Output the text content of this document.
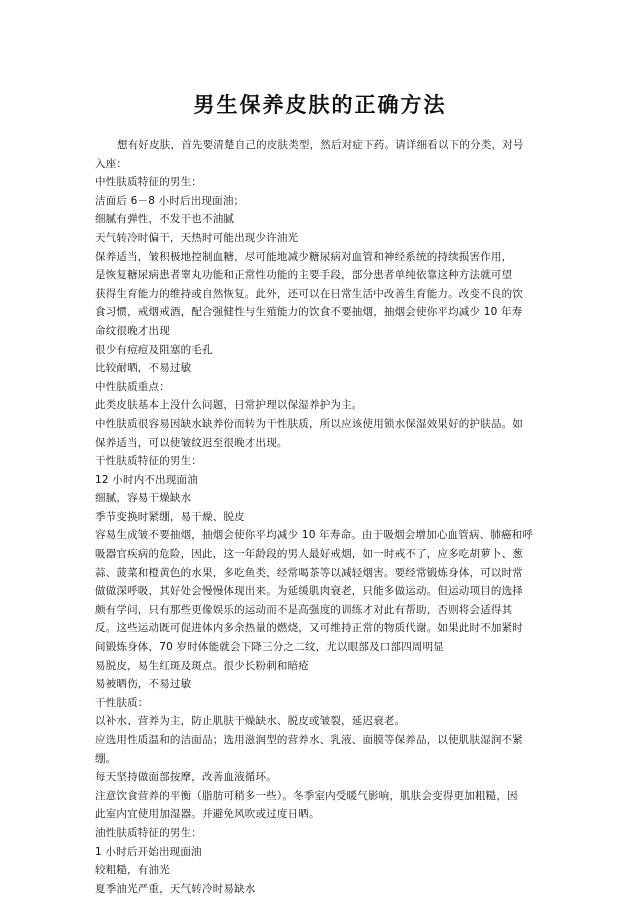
男生保养皮肤的正确方法
想有好皮肤，首先要清楚自己的皮肤类型，然后对症下药。请详细看以下的分类，对号
入座：
中性肤质特征的男生：
洁面后 6－8 小时后出现面油；
细腻有弹性，不发干也不油腻
天气转冷时偏干，天热时可能出现少许油光
保养适当，皱积极地控制血糖，尽可能地减少糖尿病对血管和神经系统的持续损害作用，
是恢复糖尿病患者睾丸功能和正常性功能的主要手段，部分患者单纯依靠这种方法就可望
获得生育能力的维持或自然恢复。此外，还可以在日常生活中改善生育能力。改变不良的饮
食习惯，戒烟戒酒，配合强健性与生殖能力的饮食不要抽烟，抽烟会使你平均减少 10 年寿
命纹很晚才出现
很少有痘痘及阻塞的毛孔
比较耐晒，不易过敏
中性肤质重点：
此类皮肤基本上没什么问题，日常护理以保湿养护为主。
中性肤质很容易因缺水缺养份而转为干性肤质，所以应该使用锁水保湿效果好的护肤品。如
保养适当，可以使皱纹迟至很晚才出现。
干性肤质特征的男生：
12 小时内不出现面油
细腻，容易干燥缺水
季节变换时紧绷，易干燥、脱皮
容易生成皱不要抽烟，抽烟会使你平均减少 10 年寿命。由于吸烟会增加心血管病、肺癌和呼
吸器官疾病的危险，因此，这一年龄段的男人最好戒烟，如一时戒不了，应多吃胡萝卜、葱
蒜、菠菜和橙黄色的水果，多吃鱼类，经常喝茶等以减轻烟害。要经常锻炼身体，可以时常
做做深呼吸，其好处会慢慢体现出来。为延缓肌肉衰老，只能多做运动。但运动项目的选择
颇有学问，只有那些更像娱乐的运动而不是高强度的训练才对此有帮助，否则将会适得其
反。这些运动既可促进体内多余热量的燃烧，又可维持正常的物质代谢。如果此时不加紧时
间锻炼身体，70 岁时体能就会下降三分之二纹，尤以眼部及口部四周明显
易脱皮，易生红斑及斑点。很少长粉刺和暗疮
易被晒伤，不易过敏
干性肤质：
以补水、营养为主，防止肌肤干燥缺水、脱皮或皱裂，延迟衰老。
应选用性质温和的洁面品；选用滋润型的营养水、乳液、面膜等保养品，以使肌肤湿润不紧
绷。
每天坚持做面部按摩，改善血液循环。
注意饮食营养的平衡（脂肪可稍多一些）。冬季室内受暖气影响，肌肤会变得更加粗糙，因
此室内宜使用加湿器。并避免风吹或过度日晒。
油性肤质特征的男生：
1 小时后开始出现面油
较粗糙，有油光
夏季油光严重，天气转冷时易缺水
